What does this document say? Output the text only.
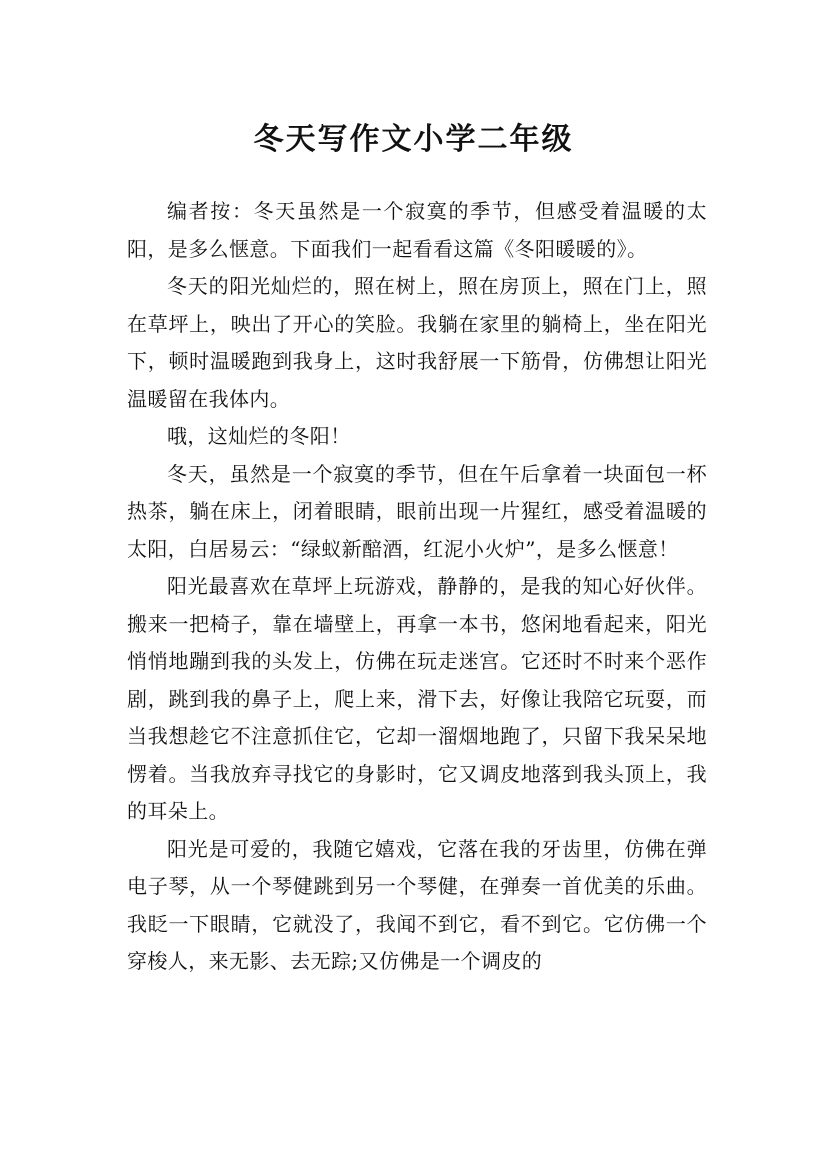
冬天写作文小学二年级

编者按：冬天虽然是一个寂寞的季节，但感受着温暖的太阳，是多么惬意。下面我们一起看看这篇《冬阳暖暖的》。

冬天的阳光灿烂的，照在树上，照在房顶上，照在门上，照在草坪上，映出了开心的笑脸。我躺在家里的躺椅上，坐在阳光下，顿时温暖跑到我身上，这时我舒展一下筋骨，仿佛想让阳光温暖留在我体内。

哦，这灿烂的冬阳！

冬天，虽然是一个寂寞的季节，但在午后拿着一块面包一杯热茶，躺在床上，闭着眼睛，眼前出现一片猩红，感受着温暖的太阳，白居易云：“绿蚁新醅酒，红泥小火炉”，是多么惬意！

阳光最喜欢在草坪上玩游戏，静静的，是我的知心好伙伴。搬来一把椅子，靠在墙壁上，再拿一本书，悠闲地看起来，阳光悄悄地蹦到我的头发上，仿佛在玩走迷宫。它还时不时来个恶作剧，跳到我的鼻子上，爬上来，滑下去，好像让我陪它玩耍，而当我想趁它不注意抓住它，它却一溜烟地跑了，只留下我呆呆地愣着。当我放弃寻找它的身影时，它又调皮地落到我头顶上，我的耳朵上。

阳光是可爱的，我随它嬉戏，它落在我的牙齿里，仿佛在弹电子琴，从一个琴健跳到另一个琴健，在弹奏一首优美的乐曲。我眨一下眼睛，它就没了，我闻不到它，看不到它。它仿佛一个穿梭人，来无影、去无踪;又仿佛是一个调皮的
